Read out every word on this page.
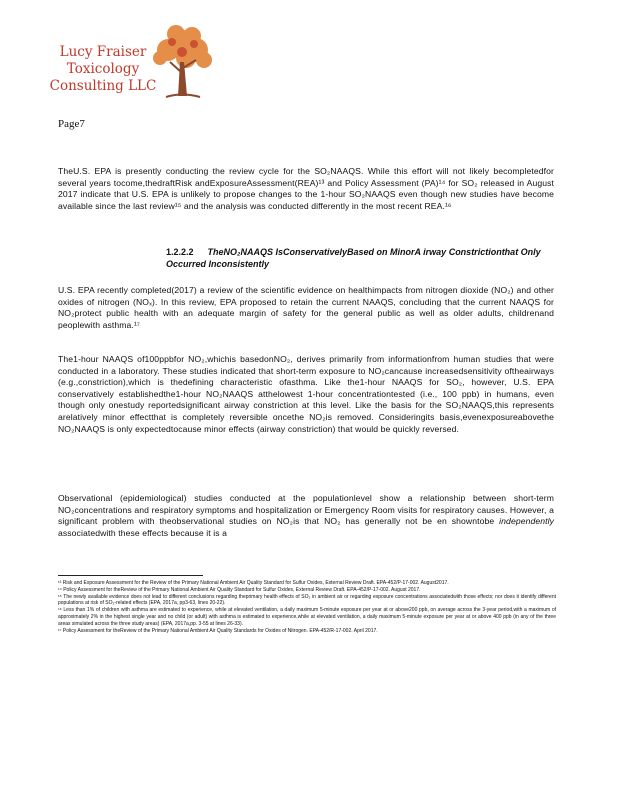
Lucy Fraiser
Toxicology
Consulting LLC
Page7

TheU.S. EPA is presently conducting the review cycle for the SO₂NAAQS. While this effort will not likely becompletedfor several years tocome,thedraftRisk andExposureAssessment(REA)¹³ and Policy Assessment (PA)¹⁴ for SO₂ released in August 2017 indicate that U.S. EPA is unlikely to propose changes to the 1-hour SO₂NAAQS even though new studies have become available since the last review¹⁵ and the analysis was conducted differently in the most recent REA.¹⁶

1.2.2.2 TheNO₂NAAQS IsConservativelyBased on MinorA irway Constrictionthat Only Occurred Inconsistently

U.S. EPA recently completed(2017) a review of the scientific evidence on healthimpacts from nitrogen dioxide (NO₂) and other oxides of nitrogen (NOₓ). In this review, EPA proposed to retain the current NAAQS, concluding that the current NAAQS for NO₂protect public health with an adequate margin of safety for the general public as well as older adults, childrenand peoplewith asthma.¹⁷

The1-hour NAAQS of100ppbfor NO₂,whichis basedonNO₂, derives primarily from informationfrom human studies that were conducted in a laboratory. These studies indicated that short-term exposure to NO₂cancause increasedsensitivity oftheairways (e.g.,constriction),which is thedefining characteristic ofasthma. Like the1-hour NAAQS for SO₂, however, U.S. EPA conservatively establishedthe1-hour NO₂NAAQS atthelowest 1-hour concentrationtested (i.e., 100 ppb) in humans, even though only onestudy reportedsignificant airway constriction at this level. Like the basis for the SO₂NAAQS,this represents arelatively minor effectthat is completely reversible oncethe NO₂is removed. Consideringits basis,evenexposureabovethe NO₂NAAQS is only expectedtocause minor effects (airway constriction) that would be quickly reversed.

Observational (epidemiological) studies conducted at the populationlevel show a relationship between short-term NO₂concentrations and respiratory symptoms and hospitalization or Emergency Room visits for respiratory causes. However, a significant problem with theobservational studies on NO₂is that NO₂ has generally not be en showntobe independently associatedwith these effects because it is a

¹³ Risk and Exposure Assessment for the Review of the Primary National Ambient Air Quality Standard for Sulfur Oxides, External Review Draft. EPA-452/P-17-002. August2017.

¹⁴ Policy Assessment for theReview of the Primary National Ambient Air Quality Standard for Sulfur Oxides, External Review Draft. EPA-452/P-17-002. August 2017.

¹⁵ The newly available evidence does not lead to different conclusions regarding theprimary health effects of SO₂ in ambient air or regarding exposure concentrations associatedwith those effects; nor does it identify different populations at risk of SO₂-related effects (EPA, 2017a, pp3-63, lines 20-22).

¹⁶ Less than 1% of children with asthma are estimated to experience, while at elevated ventilation, a daily maximum 5-minute exposure per year at or above200 ppb, on average across the 3-year period,with a maximum of approximately 2% in the highest single year and no child (or adult) with asthma is estimated to experience,while at elevated ventilation, a daily maximum 5-minute exposure per year at or above 400 ppb (in any of the three areas simulated across the three study areas) (EPA, 2017a,pp. 3-55 at lines 26-33).

¹⁷ Policy Assessment for theReview of the Primary National Ambient Air Quality Standards for Oxides of Nitrogen. EPA-452/R-17-002. April 2017.
